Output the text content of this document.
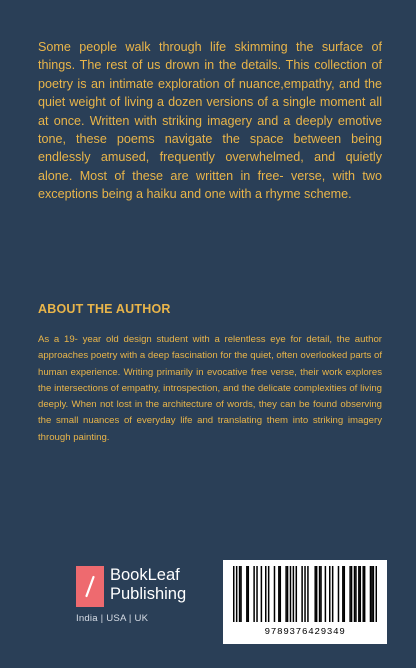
Some people walk through life skimming the surface of things. The rest of us drown in the details. This collection of poetry is an intimate exploration of nuance,empathy, and the quiet weight of living a dozen versions of a single moment all at once. Written with striking imagery and a deeply emotive tone, these poems navigate the space between being endlessly amused, frequently overwhelmed, and quietly alone. Most of these are written in free- verse, with two exceptions being a haiku and one with a rhyme scheme.

ABOUT THE AUTHOR

As a 19- year old design student with a relentless eye for detail, the author approaches poetry with a deep fascination for the quiet, often overlooked parts of human experience. Writing primarily in evocative free verse, their work explores the intersections of empathy, introspection, and the delicate complexities of living deeply. When not lost in the architecture of words, they can be found observing the small nuances of everyday life and translating them into striking imagery through painting.

BookLeaf
Publishing
India | USA | UK
9789376429349
